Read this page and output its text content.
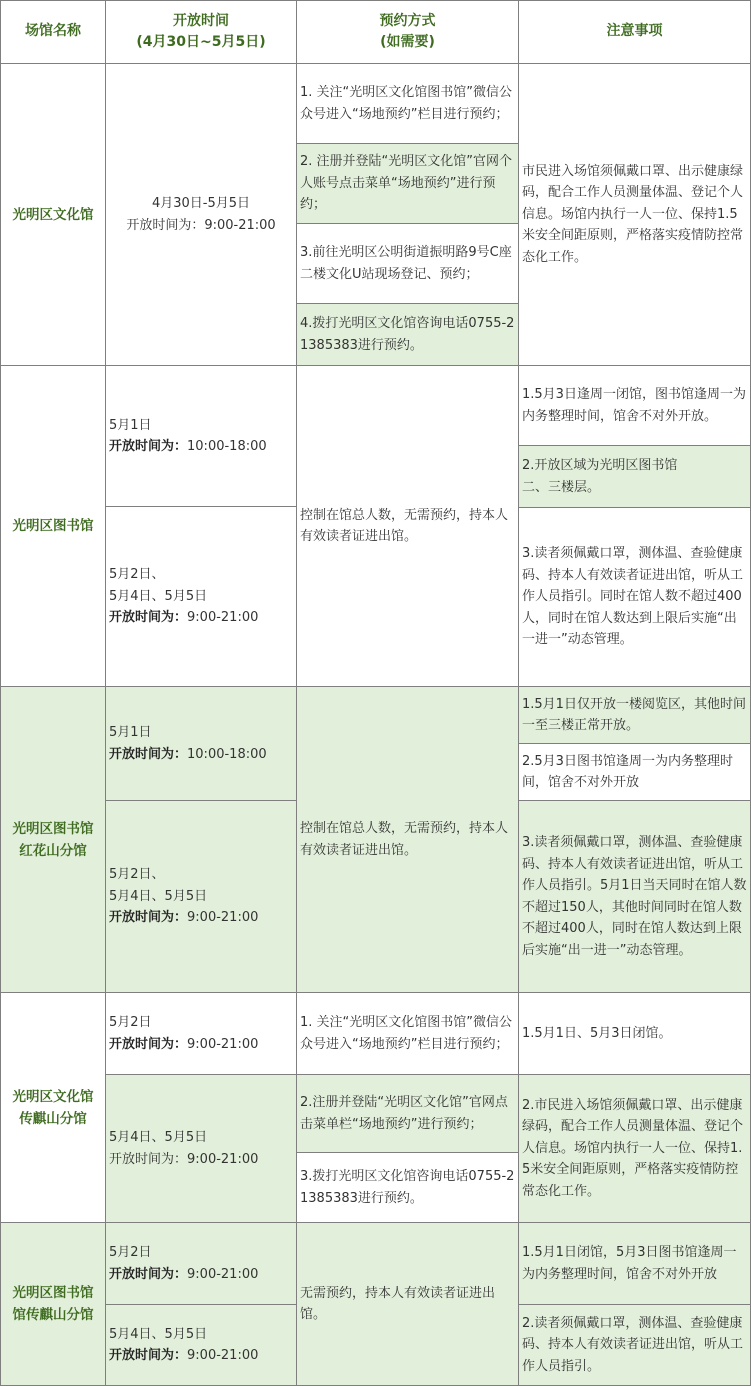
场馆名称
开放时间
(4月30日~5月5日)
预约方式
(如需要)
注意事项
光明区文化馆
4月30日-5月5日
开放时间为：9:00-21:00
1. 关注“光明区文化馆图书馆”微信公众号进入“场地预约”栏目进行预约；
2. 注册并登陆“光明区文化馆”官网个人账号点击菜单“场地预约”进行预约；
3.前往光明区公明街道振明路9号C座二楼文化U站现场登记、预约；
4.拨打光明区文化馆咨询电话0755-21385383进行预约。
市民进入场馆须佩戴口罩、出示健康绿码，配合工作人员测量体温、登记个人信息。场馆内执行一人一位、保持1.5米安全间距原则，严格落实疫情防控常态化工作。
光明区图书馆
5月1日
开放时间为：10:00-18:00
5月2日、
5月4日、5月5日
开放时间为：9:00-21:00
控制在馆总人数，无需预约，持本人有效读者证进出馆。
1.5月3日逢周一闭馆，图书馆逢周一为内务整理时间，馆舍不对外开放。
2.开放区域为光明区图书馆
二、三楼层。
3.读者须佩戴口罩，测体温、查验健康码、持本人有效读者证进出馆，听从工作人员指引。同时在馆人数不超过400人，同时在馆人数达到上限后实施“出一进一”动态管理。
光明区图书馆
红花山分馆
5月1日
开放时间为：10:00-18:00
5月2日、
5月4日、5月5日
开放时间为：9:00-21:00
控制在馆总人数，无需预约，持本人有效读者证进出馆。
1.5月1日仅开放一楼阅览区，其他时间一至三楼正常开放。
2.5月3日图书馆逢周一为内务整理时间，馆舍不对外开放
3.读者须佩戴口罩，测体温、查验健康码、持本人有效读者证进出馆，听从工作人员指引。5月1日当天同时在馆人数不超过150人，其他时间同时在馆人数不超过400人，同时在馆人数达到上限后实施“出一进一”动态管理。
光明区文化馆
传麒山分馆
5月2日
开放时间为：9:00-21:00
5月4日、5月5日
开放时间为：9:00-21:00
1. 关注“光明区文化馆图书馆”微信公众号进入“场地预约”栏目进行预约；
2.注册并登陆“光明区文化馆”官网点击菜单栏“场地预约”进行预约；
3.拨打光明区文化馆咨询电话0755-21385383进行预约。
1.5月1日、5月3日闭馆。
2.市民进入场馆须佩戴口罩、出示健康绿码，配合工作人员测量体温、登记个人信息。场馆内执行一人一位、保持1.5米安全间距原则，严格落实疫情防控常态化工作。
光明区图书馆
馆传麒山分馆
5月2日
开放时间为：9:00-21:00
5月4日、5月5日
开放时间为：9:00-21:00
无需预约，持本人有效读者证进出馆。
1.5月1日闭馆，5月3日图书馆逢周一为内务整理时间，馆舍不对外开放
2.读者须佩戴口罩，测体温、查验健康码、持本人有效读者证进出馆，听从工作人员指引。
